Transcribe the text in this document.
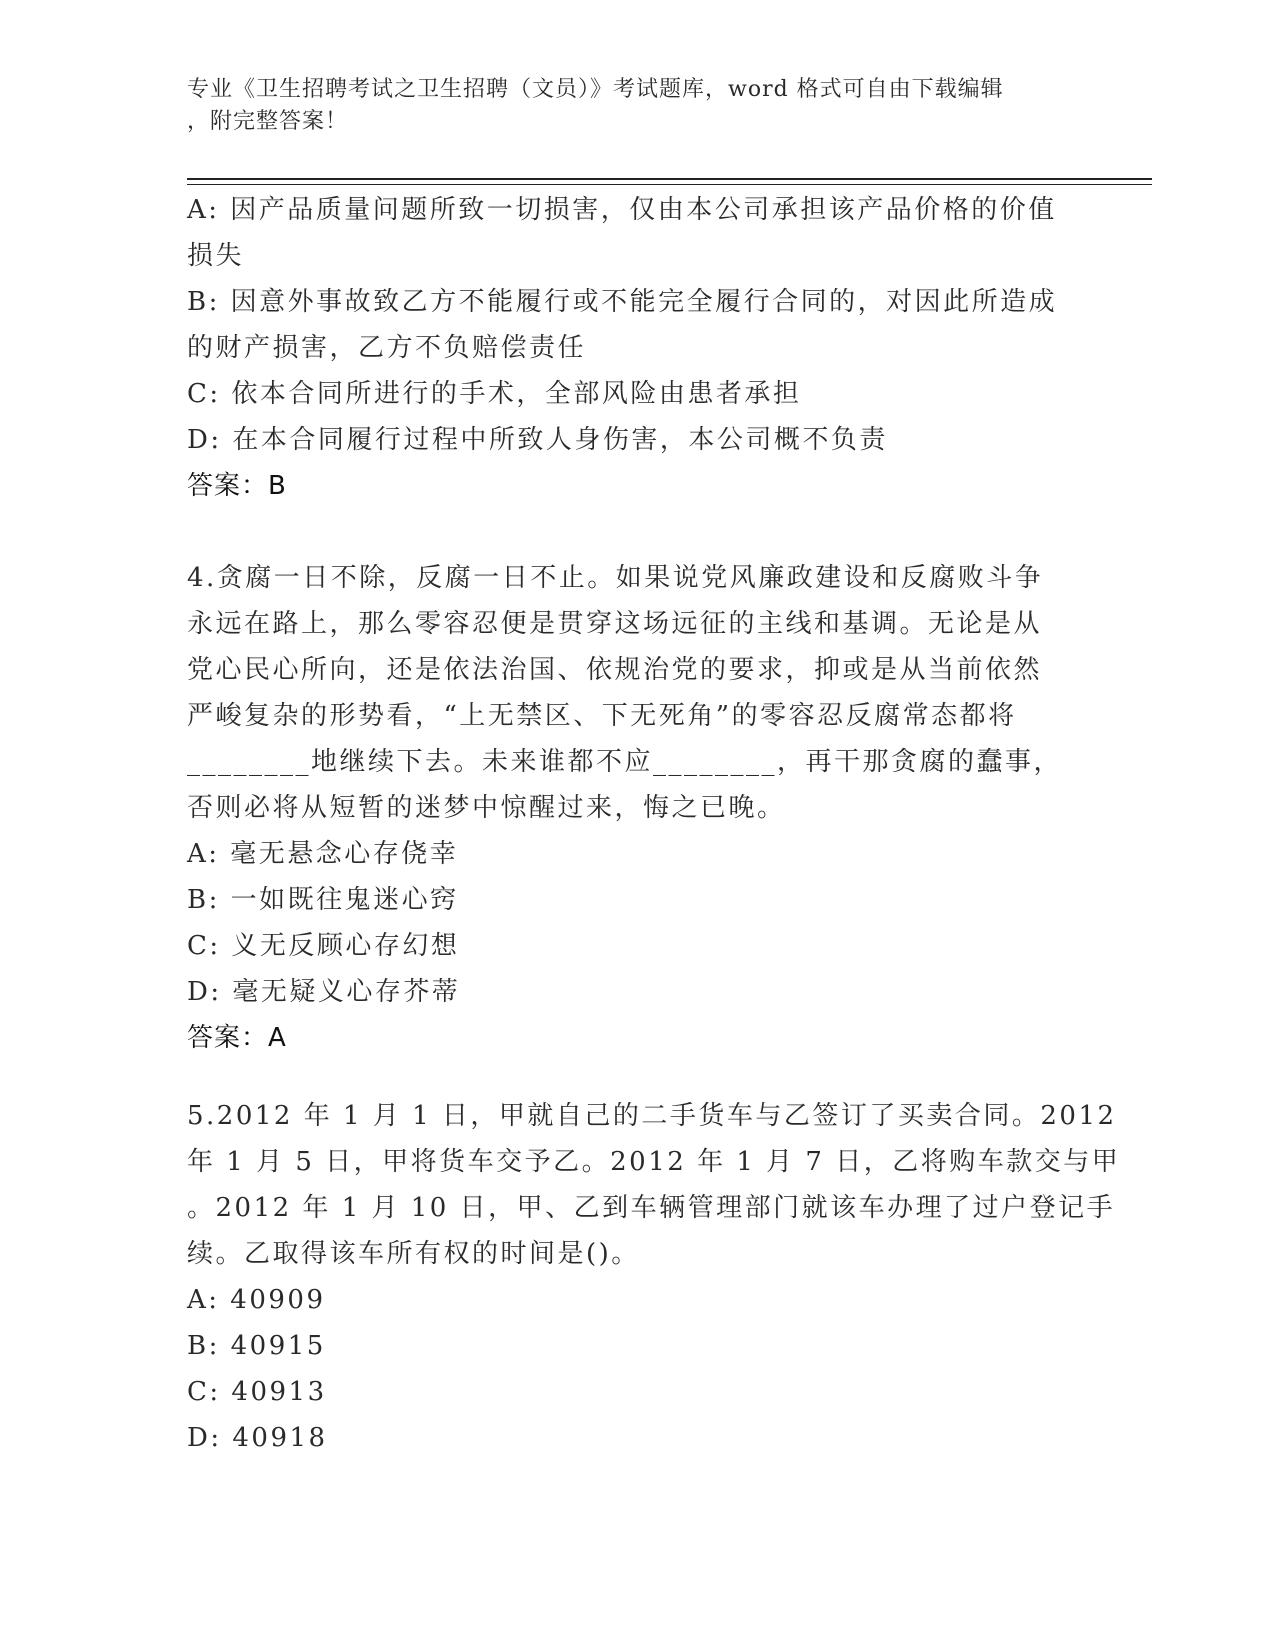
专业《卫生招聘考试之卫生招聘（文员）》考试题库，word 格式可自由下载编辑
，附完整答案！
A: 因产品质量问题所致一切损害，仅由本公司承担该产品价格的价值
损失
B: 因意外事故致乙方不能履行或不能完全履行合同的，对因此所造成
的财产损害，乙方不负赔偿责任
C: 依本合同所进行的手术，全部风险由患者承担
D: 在本合同履行过程中所致人身伤害，本公司概不负责
答案：B
4.贪腐一日不除，反腐一日不止。如果说党风廉政建设和反腐败斗争
永远在路上，那么零容忍便是贯穿这场远征的主线和基调。无论是从
党心民心所向，还是依法治国、依规治党的要求，抑或是从当前依然
严峻复杂的形势看，“上无禁区、下无死角”的零容忍反腐常态都将
________地继续下去。未来谁都不应________，再干那贪腐的蠢事，
否则必将从短暂的迷梦中惊醒过来，悔之已晚。
A: 毫无悬念心存侥幸
B: 一如既往鬼迷心窍
C: 义无反顾心存幻想
D: 毫无疑义心存芥蒂
答案：A
5.2012 年 1 月 1 日，甲就自己的二手货车与乙签订了买卖合同。2012
年 1 月 5 日，甲将货车交予乙。2012 年 1 月 7 日，乙将购车款交与甲
。2012 年 1 月 10 日，甲、乙到车辆管理部门就该车办理了过户登记手
续。乙取得该车所有权的时间是()。
A: 40909
B: 40915
C: 40913
D: 40918
